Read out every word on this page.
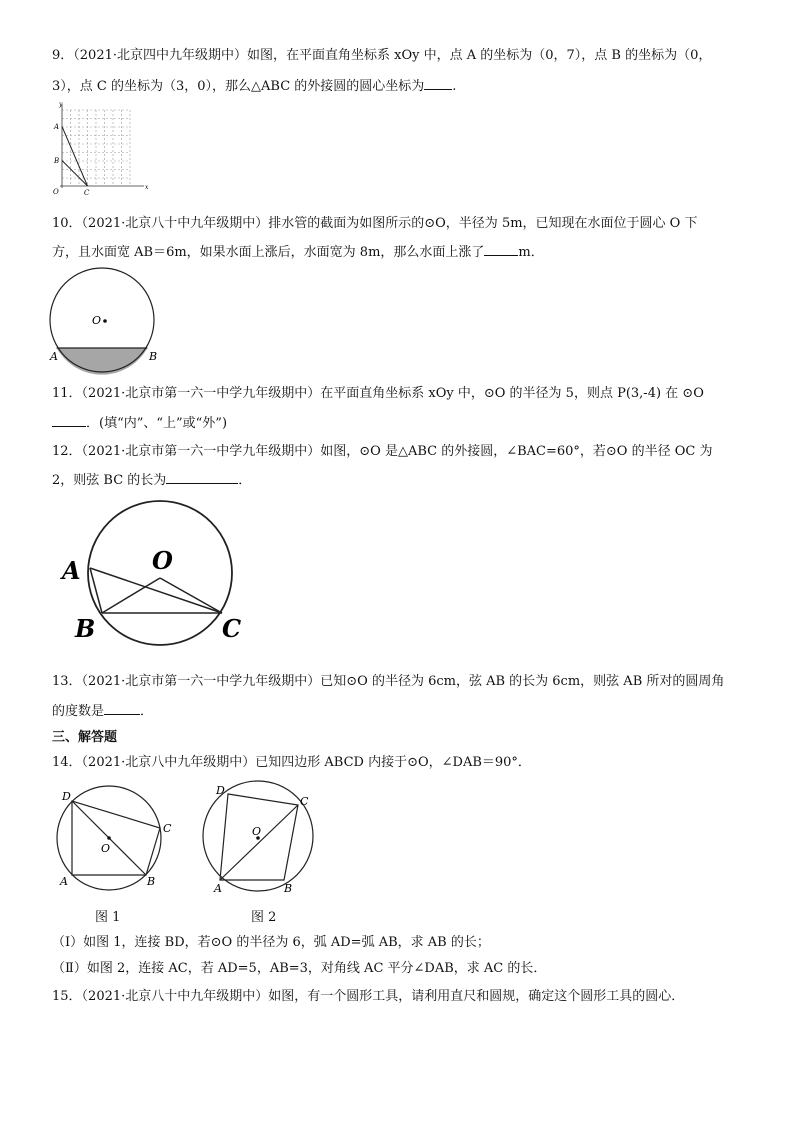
9．（2021·北京四中九年级期中）如图，在平面直角坐标系 xOy 中，点 A 的坐标为（0，7），点 B 的坐标为（0，
3），点 C 的坐标为（3，0），那么△ABC 的外接圆的圆心坐标为 .
y
x
A
B
O	C
10．（2021·北京八十中九年级期中）排水管的截面为如图所示的⊙O，半径为 5m，已知现在水面位于圆心 O 下
方，且水面宽 AB＝6m，如果水面上涨后，水面宽为 8m，那么水面上涨了	m．
O
A	B
11．（2021·北京市第一六一中学九年级期中）在平面直角坐标系 xOy 中，⊙O 的半径为 5，则点 P(3,-4) 在 ⊙O
．(填“内”、“上”或“外”)
12．（2021·北京市第一六一中学九年级期中）如图，⊙O 是△ABC 的外接圆，∠BAC=60°，若⊙O 的半径 OC 为
2，则弦 BC 的长为	．
A	O
B	C
13．（2021·北京市第一六一中学九年级期中）已知⊙O 的半径为 6cm，弦 AB 的长为 6cm，则弦 AB 所对的圆周角
的度数是	．
三、解答题
14．（2021·北京八中九年级期中）已知四边形 ABCD 内接于⊙O，∠DAB＝90°．
D
C
O
A	B
图 1
D
C
O
A	B
图 2
（Ⅰ）如图 1，连接 BD，若⊙O 的半径为 6，弧 AD=弧 AB，求 AB 的长；
（Ⅱ）如图 2，连接 AC，若 AD=5，AB=3，对角线 AC 平分∠DAB，求 AC 的长．
15．（2021·北京八十中九年级期中）如图，有一个圆形工具，请利用直尺和圆规，确定这个圆形工具的圆心．
